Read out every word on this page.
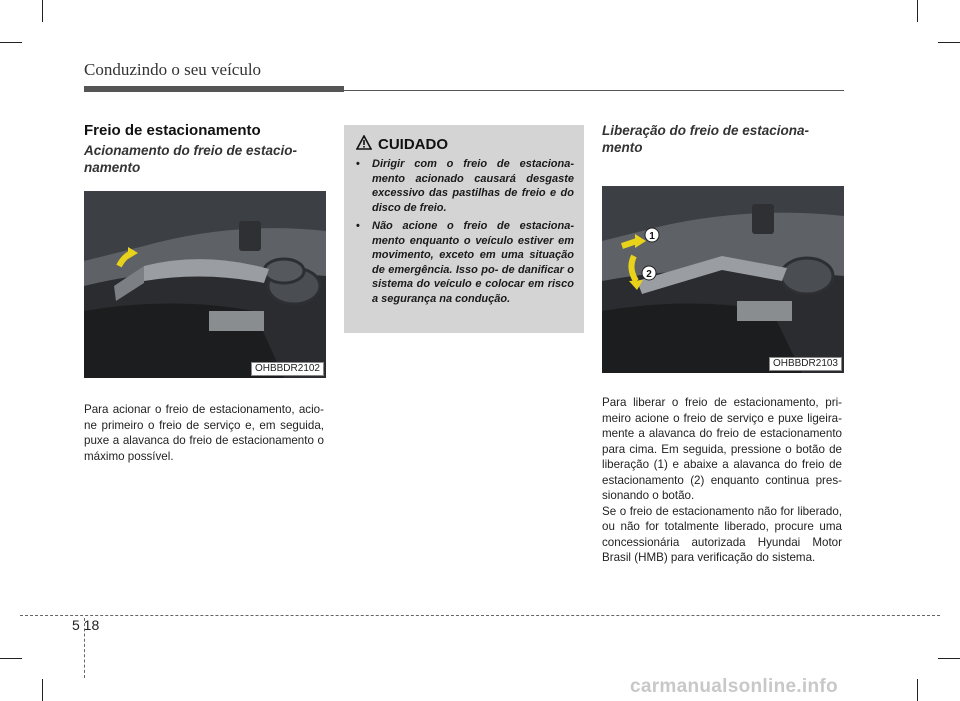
Conduzindo o seu veículo
Freio de estacionamento
Acionamento do freio de estacio- namento
OHBBDR2102
Para acionar o freio de estacionamento, acio- ne primeiro o freio de serviço e, em seguida, puxe a alavanca do freio de estacionamento o máximo possível.
CUIDADO
• Dirigir com o freio de estaciona- mento acionado causará desgaste excessivo das pastilhas de freio e do disco de freio.
• Não acione o freio de estaciona- mento enquanto o veículo estiver em movimento, exceto em uma situação de emergência. Isso po- de danificar o sistema do veículo e colocar em risco a segurança na condução.
Liberação do freio de estaciona- mento
1
2
OHBBDR2103

Para liberar o freio de estacionamento, pri- meiro acione o freio de serviço e puxe ligeira- mente a alavanca do freio de estacionamento para cima. Em seguida, pressione o botão de liberação (1) e abaixe a alavanca do freio de estacionamento (2) enquanto continua pres- sionando o botão.

Se o freio de estacionamento não for liberado, ou não for totalmente liberado, procure uma concessionária autorizada Hyundai Motor Brasil (HMB) para verificação do sistema.

5 18
carmanualsonline.info
